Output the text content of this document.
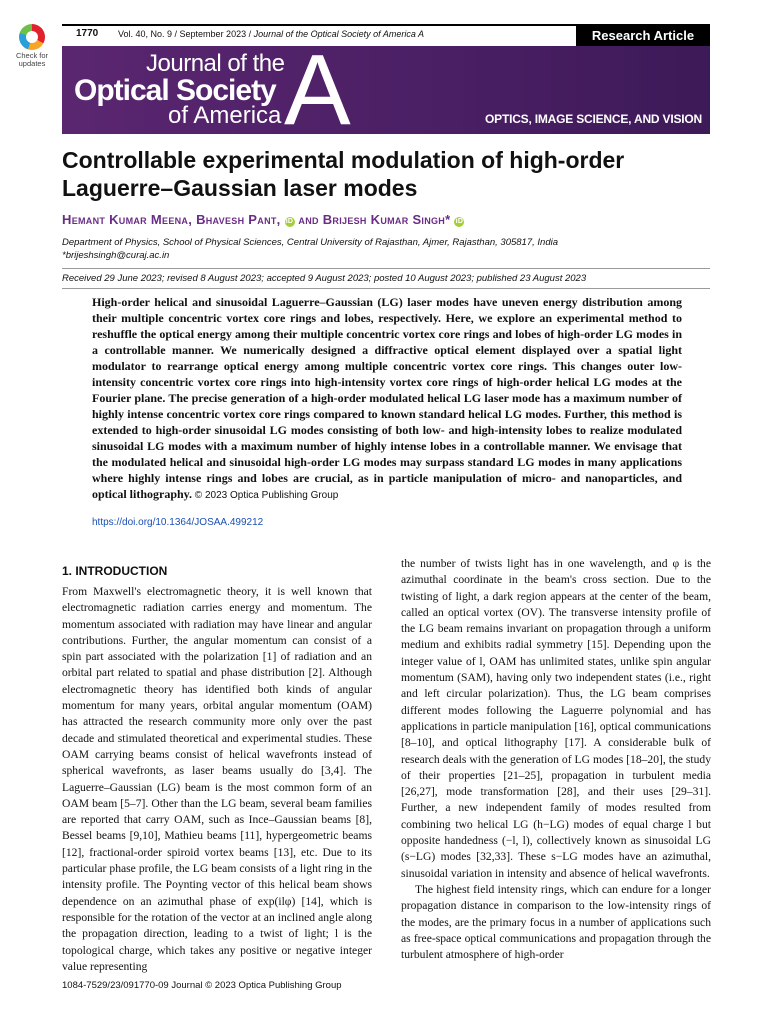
Check for updates
1770 Vol. 40, No. 9 / September 2023 / Journal of the Optical Society of America A	Research Article
Journal of the
Optical Society
of America A	OPTICS, IMAGE SCIENCE, AND VISION
Controllable experimental modulation of high-order Laguerre–Gaussian laser modes
Hemant Kumar Meena, Bhavesh Pant, iD and Brijesh Kumar Singh* iD
Department of Physics, School of Physical Sciences, Central University of Rajasthan, Ajmer, Rajasthan, 305817, India
*brijeshsingh@curaj.ac.in
Received 29 June 2023; revised 8 August 2023; accepted 9 August 2023; posted 10 August 2023; published 23 August 2023
High-order helical and sinusoidal Laguerre–Gaussian (LG) laser modes have uneven energy distribution among their multiple concentric vortex core rings and lobes, respectively. Here, we explore an experimental method to reshuffle the optical energy among their multiple concentric vortex core rings and lobes of high-order LG modes in a controllable manner. We numerically designed a diffractive optical element displayed over a spatial light modulator to rearrange optical energy among multiple concentric vortex core rings. This changes outer low-intensity concentric vortex core rings into high-intensity vortex core rings of high-order helical LG modes at the Fourier plane. The precise generation of a high-order modulated helical LG laser mode has a maximum number of highly intense concentric vortex core rings compared to known standard helical LG modes. Further, this method is extended to high-order sinusoidal LG modes consisting of both low- and high-intensity lobes to realize modulated sinusoidal LG modes with a maximum number of highly intense lobes in a controllable manner. We envisage that the modulated helical and sinusoidal high-order LG modes may surpass standard LG modes in many applications where highly intense rings and lobes are crucial, as in particle manipulation of micro- and nanoparticles, and optical lithography. © 2023 Optica Publishing Group
https://doi.org/10.1364/JOSAA.499212
1. INTRODUCTION

From Maxwell's electromagnetic theory, it is well known that electromagnetic radiation carries energy and momentum. The momentum associated with radiation may have linear and angular contributions. Further, the angular momentum can consist of a spin part associated with the polarization [1] of radiation and an orbital part related to spatial and phase distribution [2]. Although electromagnetic theory has identified both kinds of angular momentum for many years, orbital angular momentum (OAM) has attracted the research community more only over the past decade and stimulated theoretical and experimental studies. These OAM carrying beams consist of helical wavefronts instead of spherical wavefronts, as laser beams usually do [3,4]. The Laguerre–Gaussian (LG) beam is the most common form of an OAM beam [5–7]. Other than the LG beam, several beam families are reported that carry OAM, such as Ince–Gaussian beams [8], Bessel beams [9,10], Mathieu beams [11], hypergeometric beams [12], fractional-order spiroid vortex beams [13], etc. Due to its particular phase profile, the LG beam consists of a light ring in the intensity profile. The Poynting vector of this helical beam shows dependence on an azimuthal phase of exp(ilφ) [14], which is responsible for the rotation of the vector at an inclined angle along the propagation direction, leading to a twist of light; l is the topological charge, which takes any positive or negative integer value representing

the number of twists light has in one wavelength, and φ is the azimuthal coordinate in the beam's cross section. Due to the twisting of light, a dark region appears at the center of the beam, called an optical vortex (OV). The transverse intensity profile of the LG beam remains invariant on propagation through a uniform medium and exhibits radial symmetry [15]. Depending upon the integer value of l, OAM has unlimited states, unlike spin angular momentum (SAM), having only two independent states (i.e., right and left circular polarization). Thus, the LG beam comprises different modes following the Laguerre polynomial and has applications in particle manipulation [16], optical communications [8–10], and optical lithography [17]. A considerable bulk of research deals with the generation of LG modes [18–20], the study of their properties [21–25], propagation in turbulent media [26,27], mode transformation [28], and their uses [29–31]. Further, a new independent family of modes resulted from combining two helical LG (h−LG) modes of equal charge l but opposite handedness (−l, l), collectively known as sinusoidal LG (s−LG) modes [32,33]. These s−LG modes have an azimuthal, sinusoidal variation in intensity and absence of helical wavefronts.

The highest field intensity rings, which can endure for a longer propagation distance in comparison to the low-intensity rings of the modes, are the primary focus in a number of applications such as free-space optical communications and propagation through the turbulent atmosphere of high-order

1084-7529/23/091770-09 Journal © 2023 Optica Publishing Group
